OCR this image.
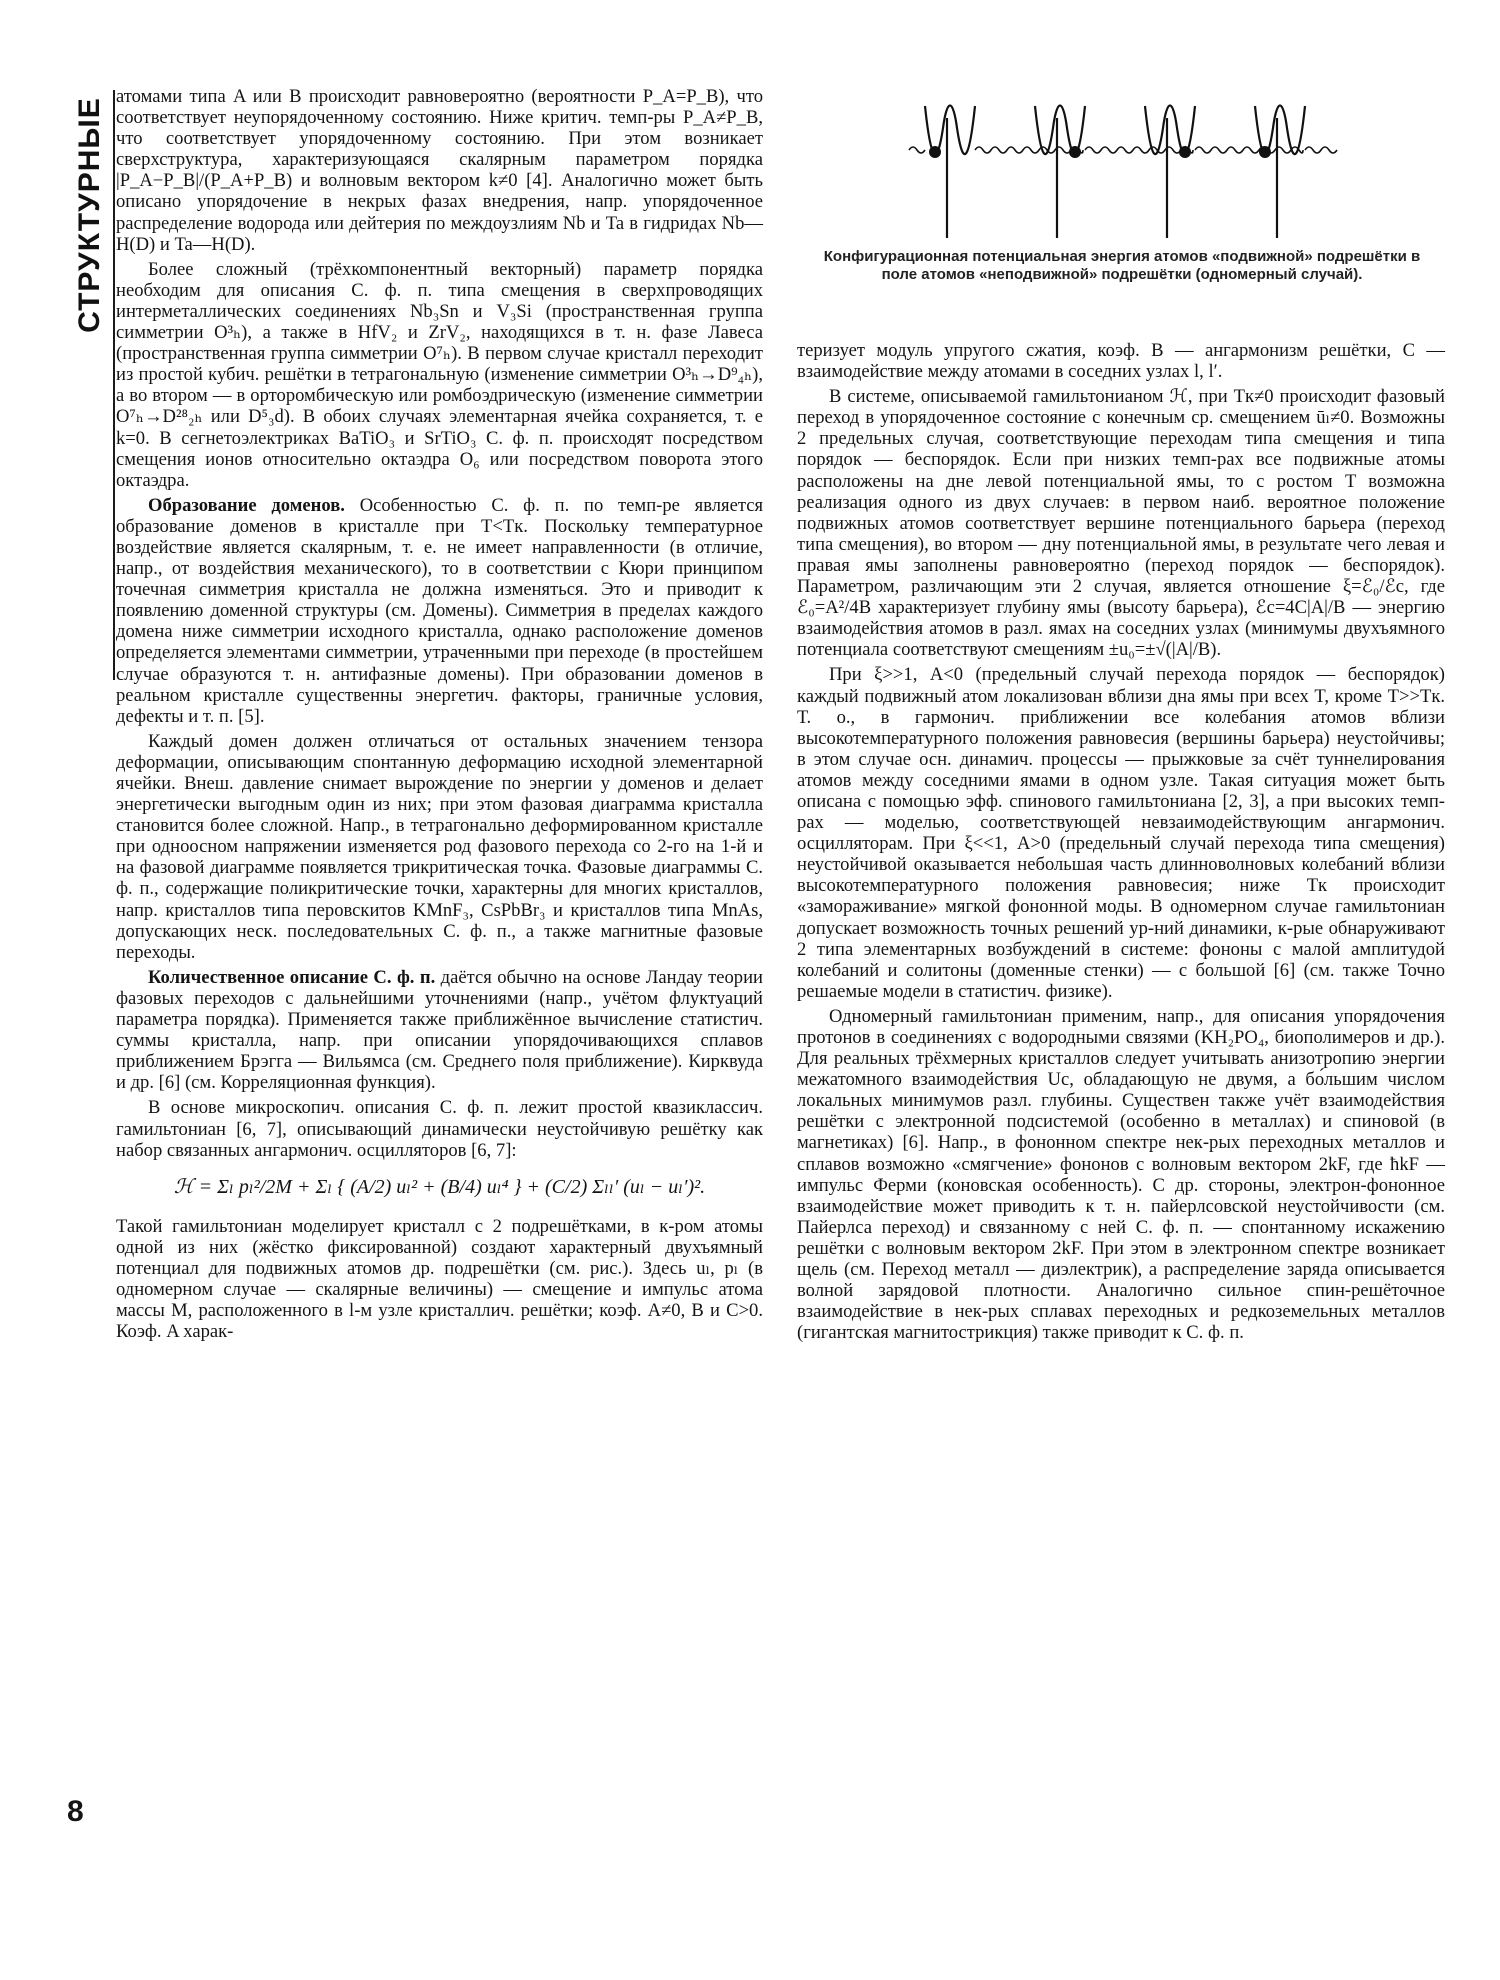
СТРУКТУРНЫЕ	Конфигурационная потенциальная энергия атомов «подвижной» подрешётки в поле атомов «неподвижной» подрешётки (одномерный случай).

атомами типа A или B происходит равновероятно (вероятности P_A=P_B), что соответствует неупорядоченному состоянию. Ниже критич. темп-ры P_A≠P_B, что соответствует упорядоченному состоянию. При этом возникает сверхструктура, характеризующаяся скалярным параметром порядка |P_A−P_B|/(P_A+P_B) и волновым вектором k≠0 [4]. Аналогично может быть описано упорядочение в некрых фазах внедрения, напр. упорядоченное распределение водорода или дейтерия по междоузлиям Nb и Ta в гидридах Nb—H(D) и Ta—H(D).

Более сложный (трёхкомпонентный векторный) параметр порядка необходим для описания С. ф. п. типа смещения в сверхпроводящих интерметаллических соединениях Nb₃Sn и V₃Si (пространственная группа симметрии O³ₕ), а также в HfV₂ и ZrV₂, находящихся в т. н. фазе Лавеса (пространственная группа симметрии O⁷ₕ). В первом случае кристалл переходит из простой кубич. решётки в тетрагональную (изменение симметрии O³ₕ→D⁹₄ₕ), а во втором — в орторомбическую или ромбоэдрическую (изменение симметрии O⁷ₕ→D²⁸₂ₕ или D⁵₃d). В обоих случаях элементарная ячейка сохраняется, т. е k=0. В сегнетоэлектриках BaTiO₃ и SrTiO₃ С. ф. п. происходят посредством смещения ионов относительно октаэдра O₆ или посредством поворота этого октаэдра.

Образование доменов. Особенностью С. ф. п. по темп-ре является образование доменов в кристалле при T<Tк. Поскольку температурное воздействие является скалярным, т. е. не имеет направленности (в отличие, напр., от воздействия механического), то в соответствии с Кюри принципом точечная симметрия кристалла не должна изменяться. Это и приводит к появлению доменной структуры (см. Домены). Симметрия в пределах каждого домена ниже симметрии исходного кристалла, однако расположение доменов определяется элементами симметрии, утраченными при переходе (в простейшем случае образуются т. н. антифазные домены). При образовании доменов в реальном кристалле существенны энергетич. факторы, граничные условия, дефекты и т. п. [5].

Каждый домен должен отличаться от остальных значением тензора деформации, описывающим спонтанную деформацию исходной элементарной ячейки. Внеш. давление снимает вырождение по энергии у доменов и делает энергетически выгодным один из них; при этом фазовая диаграмма кристалла становится более сложной. Напр., в тетрагонально деформированном кристалле при одноосном напряжении изменяется род фазового перехода со 2-го на 1-й и на фазовой диаграмме появляется трикритическая точка. Фазовые диаграммы С. ф. п., содержащие поликритические точки, характерны для многих кристаллов, напр. кристаллов типа перовскитов KMnF₃, CsPbBr₃ и кристаллов типа MnAs, допускающих неск. последовательных С. ф. п., а также магнитные фазовые переходы.

Количественное описание С. ф. п. даётся обычно на основе Ландау теории фазовых переходов с дальнейшими уточнениями (напр., учётом флуктуаций параметра порядка). Применяется также приближённое вычисление статистич. суммы кристалла, напр. при описании упорядочивающихся сплавов приближением Брэгга — Вильямса (см. Среднего поля приближение). Кирквуда и др. [6] (см. Корреляционная функция).

В основе микроскопич. описания С. ф. п. лежит простой квазиклассич. гамильтониан [6, 7], описывающий динамически неустойчивую решётку как набор связанных ангармонич. осцилляторов [6, 7]:

ℋ = Σₗ pₗ²/2M + Σₗ { (A/2) uₗ² + (B/4) uₗ⁴ } + (C/2) Σₗₗ′ (uₗ − uₗ′)².

Такой гамильтониан моделирует кристалл с 2 подрешётками, в к-ром атомы одной из них (жёстко фиксированной) создают характерный двухъямный потенциал для подвижных атомов др. подрешётки (см. рис.). Здесь uₗ, pₗ (в одномерном случае — скалярные величины) — смещение и импульс атома массы M, расположенного в l-м узле кристаллич. решётки; коэф. A≠0, B и C>0. Коэф. A харак-

теризует модуль упругого сжатия, коэф. B — ангармонизм решётки, C — взаимодействие между атомами в соседних узлах l, l′.

В системе, описываемой гамильтонианом ℋ, при Tк≠0 происходит фазовый переход в упорядоченное состояние с конечным ср. смещением ūₗ≠0. Возможны 2 предельных случая, соответствующие переходам типа смещения и типа порядок — беспорядок. Если при низких темп-рах все подвижные атомы расположены на дне левой потенциальной ямы, то с ростом T возможна реализация одного из двух случаев: в первом наиб. вероятное положение подвижных атомов соответствует вершине потенциального барьера (переход типа смещения), во втором — дну потенциальной ямы, в результате чего левая и правая ямы заполнены равновероятно (переход порядок — беспорядок). Параметром, различающим эти 2 случая, является отношение ξ=ℰ₀/ℰc, где ℰ₀=A²/4B характеризует глубину ямы (высоту барьера), ℰc=4C|A|/B — энергию взаимодействия атомов в разл. ямах на соседних узлах (минимумы двухъямного потенциала соответствуют смещениям ±u₀=±√(|A|/B).

При ξ>>1, A<0 (предельный случай перехода порядок — беспорядок) каждый подвижный атом локализован вблизи дна ямы при всех T, кроме T>>Tк. Т. о., в гармонич. приближении все колебания атомов вблизи высокотемпературного положения равновесия (вершины барьера) неустойчивы; в этом случае осн. динамич. процессы — прыжковые за счёт туннелирования атомов между соседними ямами в одном узле. Такая ситуация может быть описана с помощью эфф. спинового гамильтониана [2, 3], а при высоких темп-рах — моделью, соответствующей невзаимодействующим ангармонич. осцилляторам. При ξ<<1, A>0 (предельный случай перехода типа смещения) неустойчивой оказывается небольшая часть длинноволновых колебаний вблизи высокотемпературного положения равновесия; ниже Tк происходит «замораживание» мягкой фононной моды. В одномерном случае гамильтониан допускает возможность точных решений ур-ний динамики, к-рые обнаруживают 2 типа элементарных возбуждений в системе: фононы с малой амплитудой колебаний и солитоны (доменные стенки) — с большой [6] (см. также Точно решаемые модели в статистич. физике).

Одномерный гамильтониан применим, напр., для описания упорядочения протонов в соединениях с водородными связями (KH₂PO₄, биополимеров и др.). Для реальных трёхмерных кристаллов следует учитывать анизотропию энергии межатомного взаимодействия Uc, обладающую не двумя, а бо́льшим числом локальных минимумов разл. глубины. Существен также учёт взаимодействия решётки с электронной подсистемой (особенно в металлах) и спиновой (в магнетиках) [6]. Напр., в фононном спектре нек-рых переходных металлов и сплавов возможно «смягчение» фононов с волновым вектором 2kF, где ħkF — импульс Ферми (коновская особенность). С др. стороны, электрон-фононное взаимодействие может приводить к т. н. пайерлсовской неустойчивости (см. Пайерлса переход) и связанному с ней С. ф. п. — спонтанному искажению решётки с волновым вектором 2kF. При этом в электронном спектре возникает щель (см. Переход металл — диэлектрик), а распределение заряда описывается волной зарядовой плотности. Аналогично сильное спин-решёточное взаимодействие в нек-рых сплавах переходных и редкоземельных металлов (гигантская магнитострикция) также приводит к С. ф. п.

8
